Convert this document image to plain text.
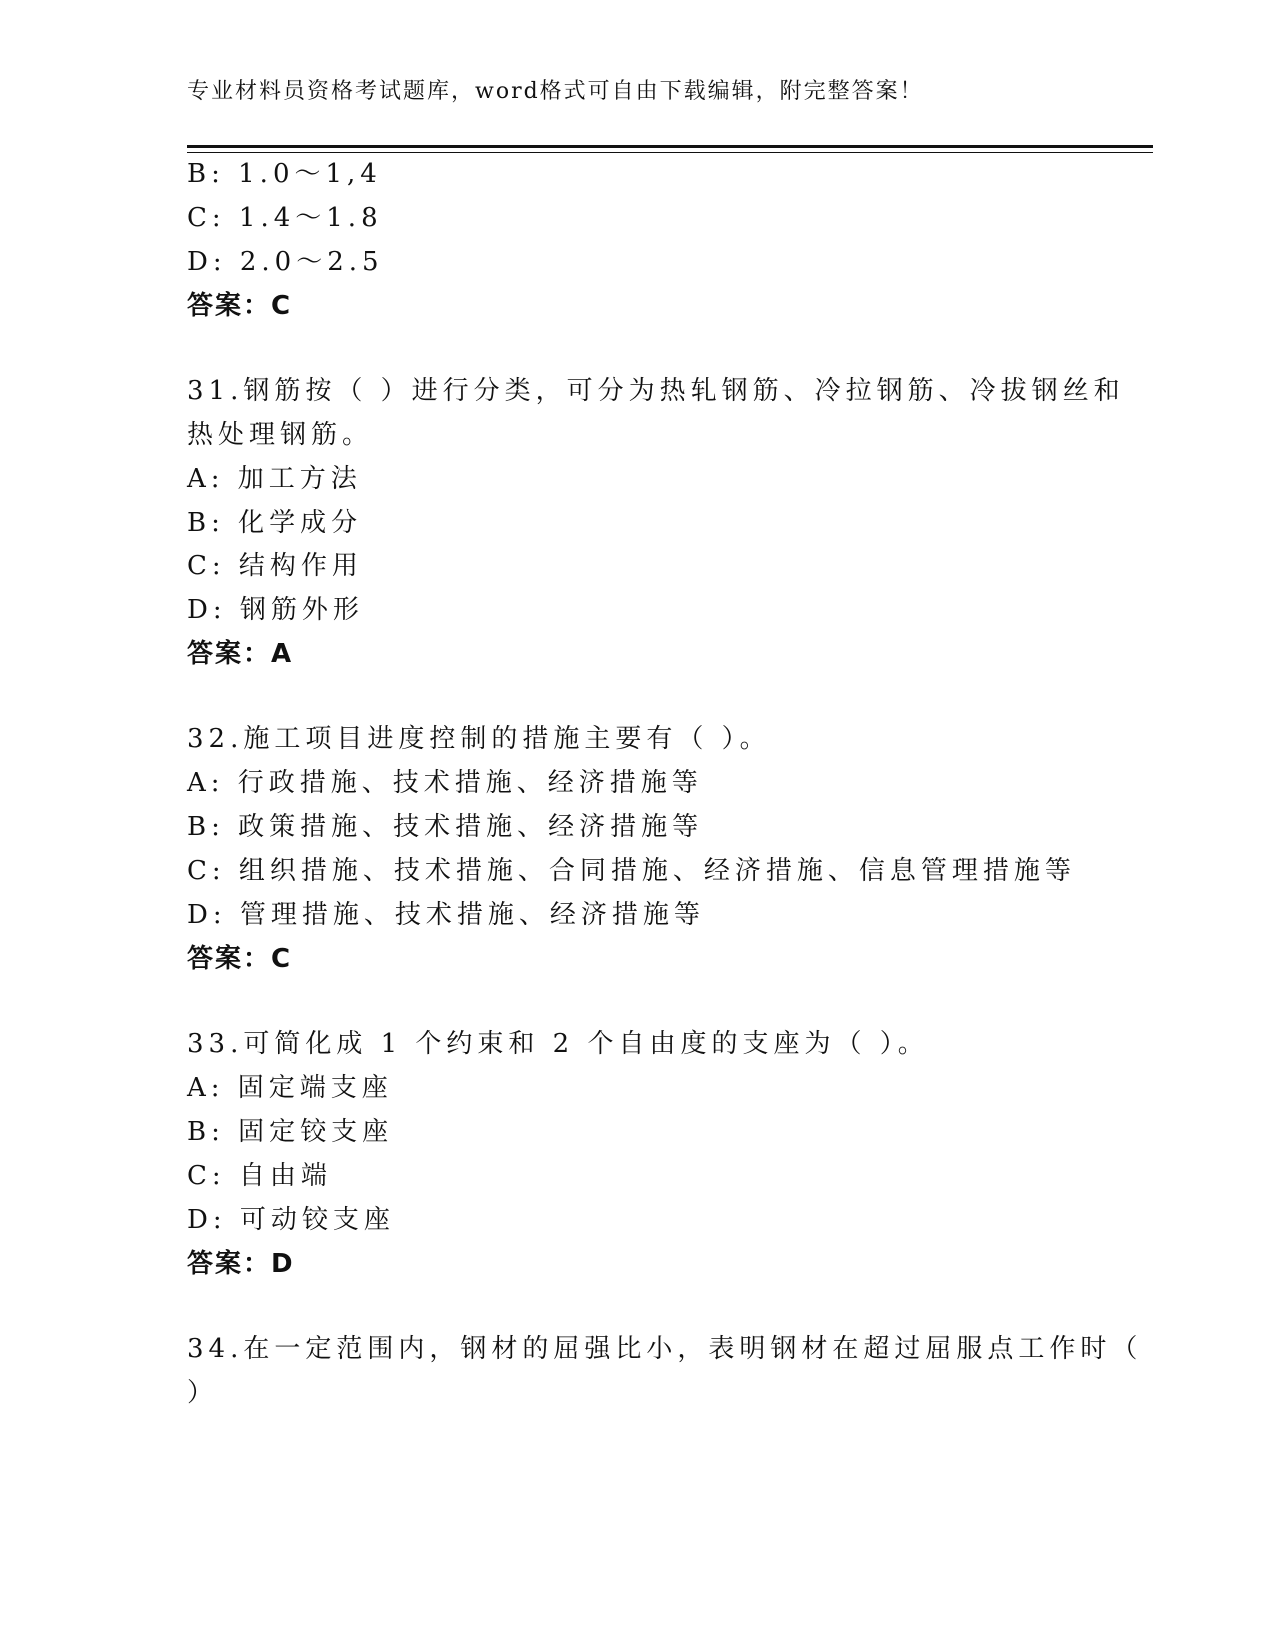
专业材料员资格考试题库，word格式可自由下载编辑，附完整答案！
B: 1.0～1,4
C: 1.4～1.8
D: 2.0～2.5
答案：C
31.钢筋按（ ）进行分类，可分为热轧钢筋、冷拉钢筋、冷拔钢丝和
热处理钢筋。
A: 加工方法
B: 化学成分
C: 结构作用
D: 钢筋外形
答案：A
32.施工项目进度控制的措施主要有（ ）。
A: 行政措施、技术措施、经济措施等
B: 政策措施、技术措施、经济措施等
C: 组织措施、技术措施、合同措施、经济措施、信息管理措施等
D: 管理措施、技术措施、经济措施等
答案：C
33.可简化成 1 个约束和 2 个自由度的支座为（ ）。
A: 固定端支座
B: 固定铰支座
C: 自由端
D: 可动铰支座
答案：D
34.在一定范围内，钢材的屈强比小，表明钢材在超过屈服点工作时（
）
